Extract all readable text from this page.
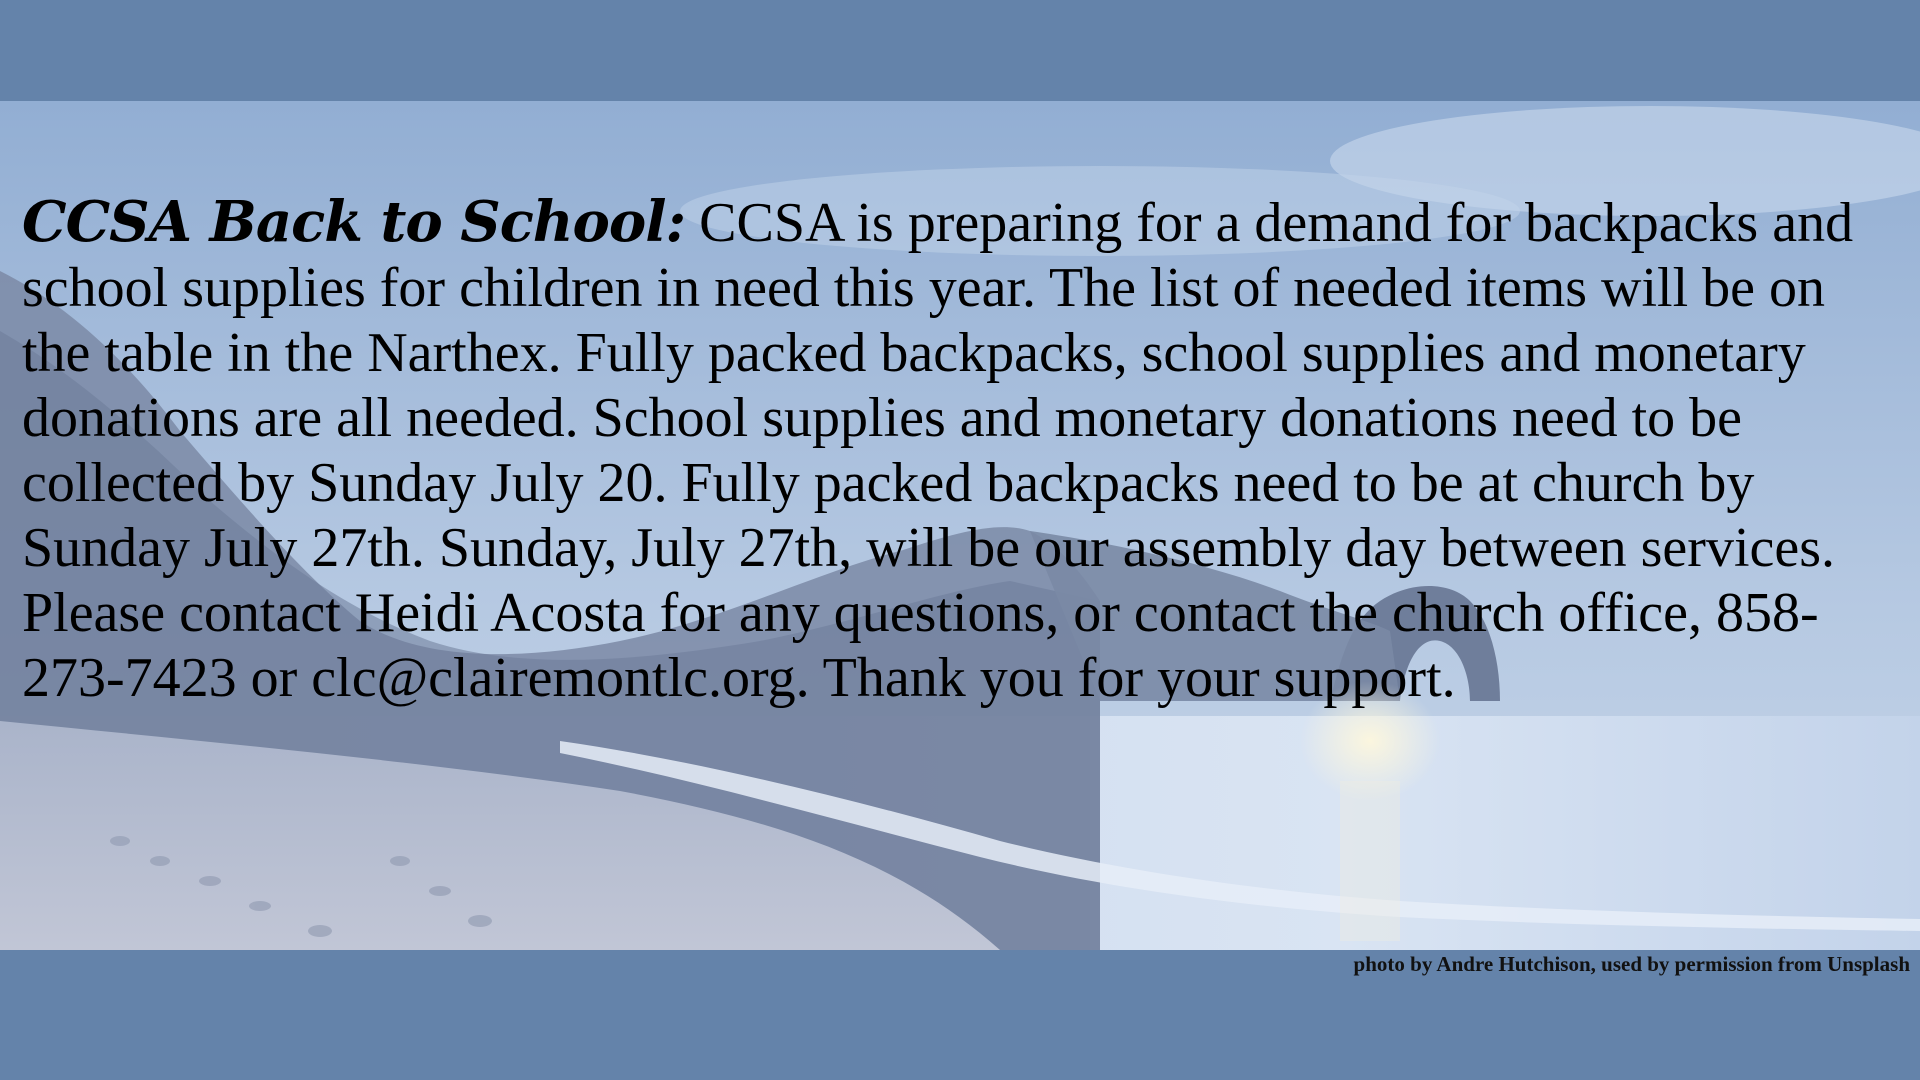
CCSA Back to School: CCSA is preparing for a demand for backpacks and school supplies for children in need this year. The list of needed items will be on the table in the Narthex. Fully packed backpacks, school supplies and monetary donations are all needed. School supplies and monetary donations need to be collected by Sunday July 20. Fully packed backpacks need to be at church by Sunday July 27th. Sunday, July 27th, will be our assembly day between services. Please contact Heidi Acosta for any questions, or contact the church office, 858-273-7423 or clc@clairemontlc.org. Thank you for your support.

photo by Andre Hutchison, used by permission from Unsplash
